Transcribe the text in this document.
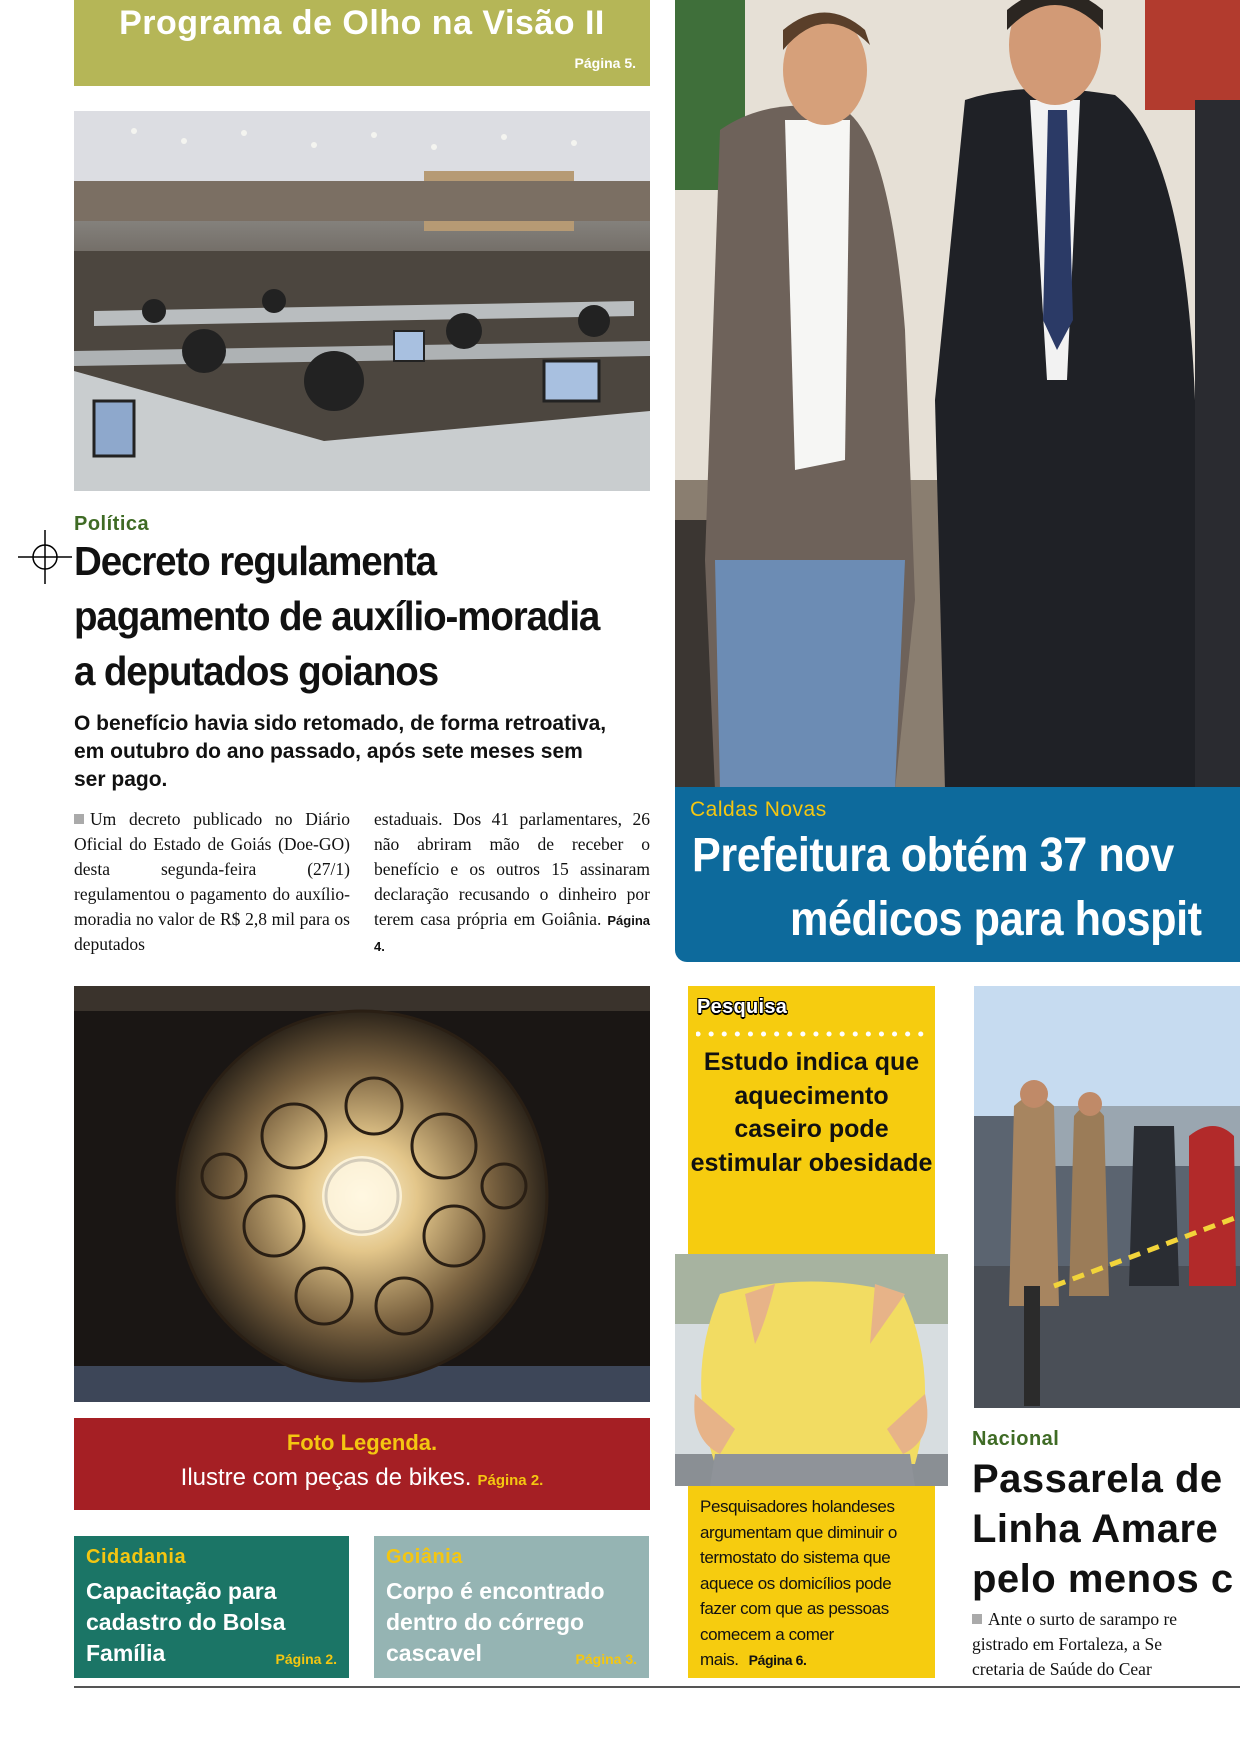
Programa de Olho na Visão II
Página 5.
Política
Decreto regulamenta
pagamento de auxílio-moradia
a deputados goianos
O benefício havia sido retomado, de forma retroativa, em outubro do ano passado, após sete meses sem ser pago.
Um decreto publicado no Diário Oficial do Estado de Goiás (Doe-GO) desta segunda-feira (27/1) regulamentou o pagamento do auxílio-moradia no valor de R$ 2,8 mil para os deputados
estaduais. Dos 41 parlamentares, 26 não abriram mão de receber o benefício e os outros 15 assinaram declaração recusando o dinheiro por terem casa própria em Goiânia. Página 4.
Caldas Novas
Prefeitura obtém 37 nov
médicos para hospit
Foto Legenda.
Ilustre com peças de bikes. Página 2.
Cidadania
Capacitação para cadastro do Bolsa Família	Página 2.
Goiânia
Corpo é encontrado dentro do córrego cascavel	Página 3.
Pesquisa
Estudo indica que aquecimento caseiro pode estimular obesidade
Pesquisadores holandeses argumentam que diminuir o termostato do sistema que aquece os domicílios pode fazer com que as pessoas comecem a comer mais. Página 6.
Nacional
Passarela de
Linha Amare
pelo menos c
Ante o surto de sarampo re
gistrado em Fortaleza, a Se
cretaria de Saúde do Cear
